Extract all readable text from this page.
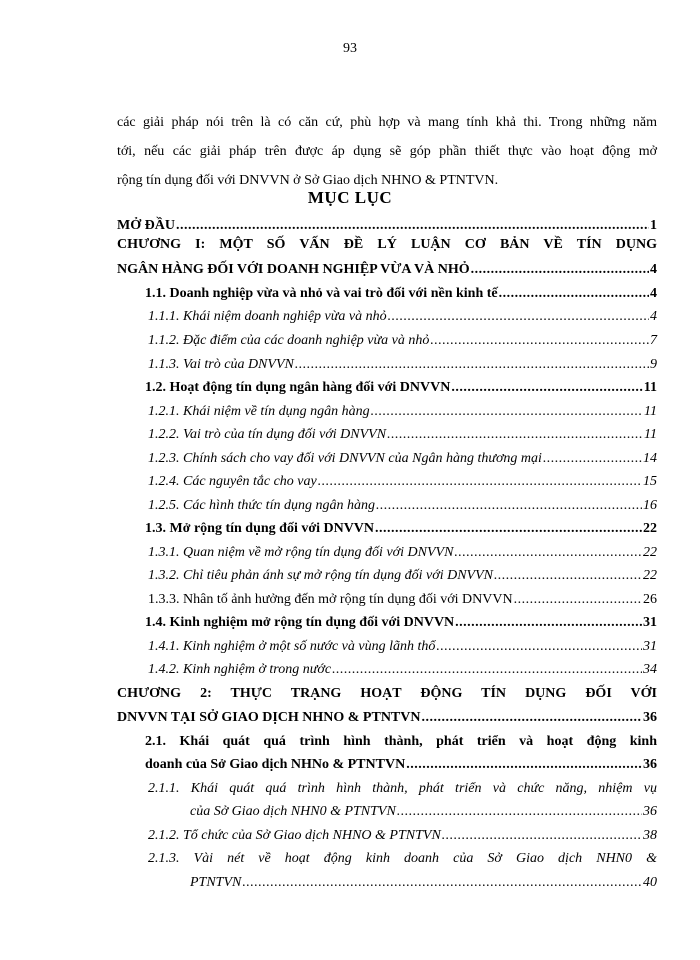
93
các giải pháp nói trên là có căn cứ, phù hợp và mang tính khả thi. Trong những năm
tới, nếu các giải pháp trên được áp dụng sẽ góp phần thiết thực vào hoạt động mở
rộng tín dụng đối với DNVVN ở Sở Giao dịch NHNO & PTNTVN.
MỤC LỤC
MỞ ĐẦU .....	1
CHƯƠNG I: MỘT SỐ VẤN ĐỀ LÝ LUẬN CƠ BẢN VỀ TÍN DỤNG
NGÂN HÀNG ĐỐI VỚI DOANH NGHIỆP VỪA VÀ NHỎ .....	4
1.1. Doanh nghiệp vừa và nhỏ và vai trò đối với nền kinh tế .....	4
1.1.1. Khái niệm doanh nghiệp vừa và nhỏ .....	4
1.1.2. Đặc điểm của các doanh nghiệp vừa và nhỏ .....	7
1.1.3. Vai trò của DNVVN .....	9
1.2. Hoạt động tín dụng ngân hàng đối với DNVVN .....	11
1.2.1. Khái niệm về tín dụng ngân hàng .....	11
1.2.2. Vai trò của tín dụng đối với DNVVN .....	11
1.2.3. Chính sách cho vay đối với DNVVN của Ngân hàng thương mại .....	14
1.2.4. Các nguyên tắc cho vay .....	15
1.2.5. Các hình thức tín dụng ngân hàng .....	16
1.3. Mở rộng tín dụng đối với DNVVN .....	22
1.3.1. Quan niệm về mở rộng tín dụng đối với DNVVN .....	22
1.3.2. Chỉ tiêu phản ánh sự mở rộng tín dụng đối với DNVVN .....	22
1.3.3. Nhân tố ảnh hưởng đến mở rộng tín dụng đối với DNVVN .....	26
1.4. Kinh nghiệm mở rộng tín dụng đối với DNVVN .....	31
1.4.1. Kinh nghiệm ở một số nước và vùng lãnh thổ .....	31
1.4.2. Kinh nghiệm ở trong nước .....	34
CHƯƠNG 2: THỰC TRẠNG HOẠT ĐỘNG TÍN DỤNG ĐỐI VỚI
DNVVN TẠI SỞ GIAO DỊCH NHNO & PTNTVN .....	36
2.1. Khái quát quá trình hình thành, phát triển và hoạt động kinh
doanh của Sở Giao dịch NHNo & PTNTVN .....	36
2.1.1. Khái quát quá trình hình thành, phát triển và chức năng, nhiệm vụ
của Sở Giao dịch NHN0 & PTNTVN .....	36
2.1.2. Tổ chức của Sở Giao dịch NHNO & PTNTVN .....	38
2.1.3. Vài nét về hoạt động kinh doanh của Sở Giao dịch NHN0 &
PTNTVN .....	40
